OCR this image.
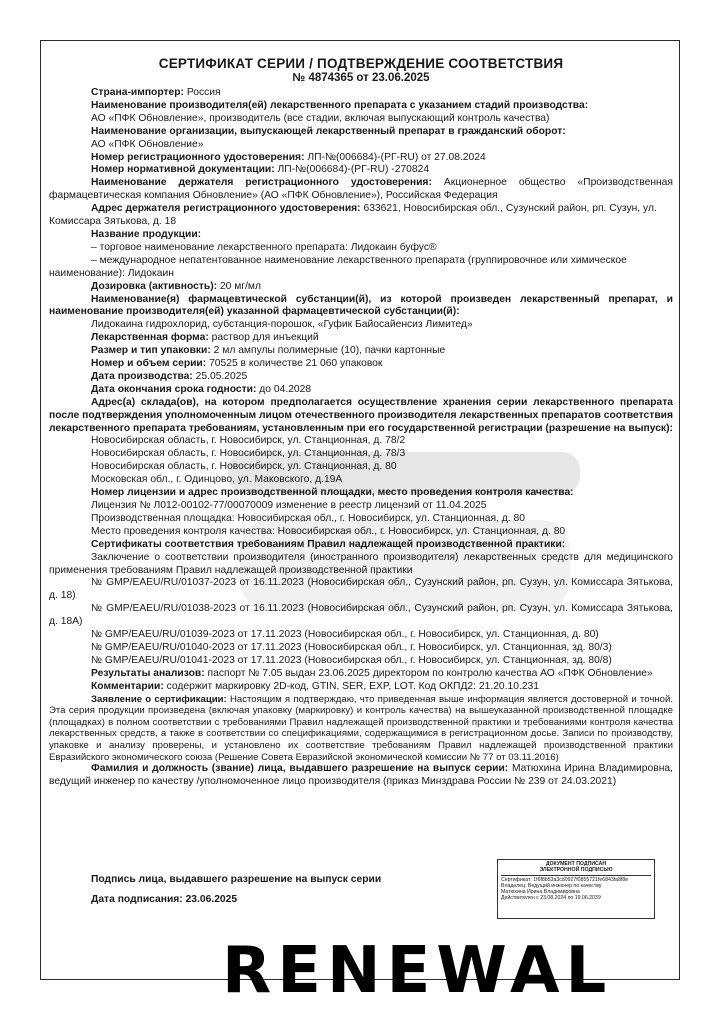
СЕРТИФИКАТ СЕРИИ / ПОДТВЕРЖДЕНИЕ СООТВЕТСТВИЯ
№ 4874365 от 23.06.2025

Страна-импортер: Россия

Наименование производителя(ей) лекарственного препарата с указанием стадий производства:

АО «ПФК Обновление», производитель (все стадии, включая выпускающий контроль качества)

Наименование организации, выпускающей лекарственный препарат в гражданский оборот:

АО «ПФК Обновление»

Номер регистрационного удостоверения: ЛП-№(006684)-(РГ-RU) от 27.08.2024

Номер нормативной документации: ЛП-№(006684)-(РГ-RU) -270824

Наименование держателя регистрационного удостоверения: Акционерное общество «Производственная фармацевтическая компания Обновление» (АО «ПФК Обновление»), Российская Федерация

Адрес держателя регистрационного удостоверения: 633621, Новосибирская обл., Сузунский район, рп. Сузун, ул. Комиссара Зятькова, д. 18

Название продукции:

– торговое наименование лекарственного препарата: Лидокаин буфус®

– международное непатентованное наименование лекарственного препарата (группировочное или химическое наименование): Лидокаин

Дозировка (активность): 20 мг/мл

Наименование(я) фармацевтической субстанции(й), из которой произведен лекарственный препарат, и наименование производителя(ей) указанной фармацевтической субстанции(й):

Лидокаина гидрохлорид, субстанция-порошок, «Гуфик Байосайенсиз Лимитед»

Лекарственная форма: раствор для инъекций

Размер и тип упаковки: 2 мл ампулы полимерные (10), пачки картонные

Номер и объем серии: 70525 в количестве 21 060 упаковок

Дата производства: 25.05.2025

Дата окончания срока годности: до 04.2028

Адрес(а) склада(ов), на котором предполагается осуществление хранения серии лекарственного препарата после подтверждения уполномоченным лицом отечественного производителя лекарственных препаратов соответствия лекарственного препарата требованиям, установленным при его государственной регистрации (разрешение на выпуск):

Новосибирская область, г. Новосибирск, ул. Станционная, д. 78/2

Новосибирская область, г. Новосибирск, ул. Станционная, д. 78/3

Новосибирская область, г. Новосибирск, ул. Станционная, д. 80

Московская обл., г. Одинцово, ул. Маковского, д.19А

Номер лицензии и адрес производственной площадки, место проведения контроля качества:

Лицензия № Л012-00102-77/00070009 изменение в реестр лицензий от 11.04.2025

Производственная площадка: Новосибирская обл., г. Новосибирск, ул. Станционная, д. 80

Место проведения контроля качества: Новосибирская обл., г. Новосибирск, ул. Станционная, д. 80

Сертификаты соответствия требованиям Правил надлежащей производственной практики:

Заключение о соответствии производителя (иностранного производителя) лекарственных средств для медицинского применения требованиям Правил надлежащей производственной практики

№ GMP/EAEU/RU/01037-2023 от 16.11.2023 (Новосибирская обл., Сузунский район, рп. Сузун, ул. Комиссара Зятькова, д. 18)

№ GMP/EAEU/RU/01038-2023 от 16.11.2023 (Новосибирская обл., Сузунский район, рп. Сузун, ул. Комиссара Зятькова, д. 18А)

№ GMP/EAEU/RU/01039-2023 от 17.11.2023 (Новосибирская обл., г. Новосибирск, ул. Станционная, д. 80)

№ GMP/EAEU/RU/01040-2023 от 17.11.2023 (Новосибирская обл., г. Новосибирск, ул. Станционная, зд. 80/3)

№ GMP/EAEU/RU/01041-2023 от 17.11.2023 (Новосибирская обл., г. Новосибирск, ул. Станционная, зд. 80/8)

Результаты анализов: паспорт № 7.05 выдан 23.06.2025 директором по контролю качества АО «ПФК Обновление»

Комментарии: содержит маркировку 2D-код, GTIN, SER, EXP, LOT. Код ОКПД2: 21.20.10.231

Заявление о сертификации: Настоящим я подтверждаю, что приведенная выше информация является достоверной и точной. Эта серия продукции произведена (включая упаковку (маркировку) и контроль качества) на вышеуказанной производственной площадке (площадках) в полном соответствии с требованиями Правил надлежащей производственной практики и требованиями контроля качества лекарственных средств, а также в соответствии со спецификациями, содержащимися в регистрационном досье. Записи по производству, упаковке и анализу проверены, и установлено их соответствие требованиям Правил надлежащей производственной практики Евразийского экономического союза (Решение Совета Евразийской экономической комиссии № 77 от 03.11.2016)

Фамилия и должность (звание) лица, выдавшего разрешение на выпуск серии: Матюхина Ирина Владимировна, ведущий инженер по качеству /уполномоченное лицо производителя (приказ Минздрава России № 239 от 24.03.2021)

Подпись лица, выдавшего разрешение на выпуск серии
Дата подписания: 23.06.2025
ДОКУМЕНТ ПОДПИСАН
ЭЛЕКТРОННОЙ ПОДПИСЬЮ
Сертификат: 1f6f8b53a3cd0927f0855721fe6843fa8f8e
Владелец: Ведущий инженер по качеству
Матюхина Ирина Владимировна
Действителен с 23.08.2024 по 19.06.2039
RENEWAL
